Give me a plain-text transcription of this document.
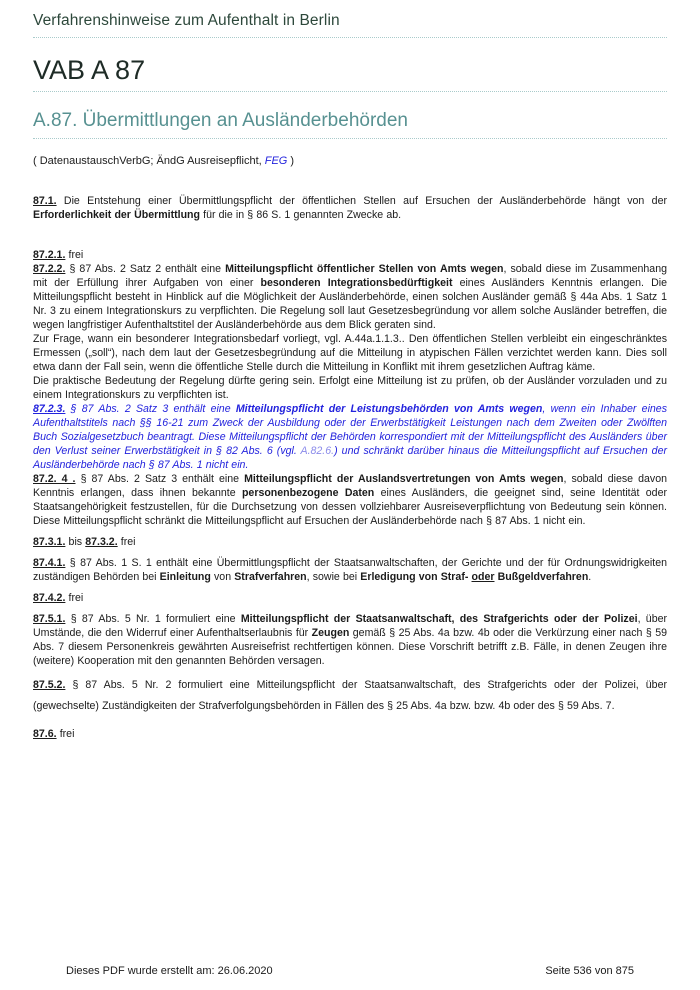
Verfahrenshinweise zum Aufenthalt in Berlin
VAB A 87
A.87. Übermittlungen an Ausländerbehörden
( DatenaustauschVerbG; ÄndG Ausreisepflicht, FEG )

87.1. Die Entstehung einer Übermittlungspflicht der öffentlichen Stellen auf Ersuchen der Ausländerbehörde hängt von der Erforderlichkeit der Übermittlung für die in § 86 S. 1 genannten Zwecke ab.

87.2.1. frei

87.2.2. § 87 Abs. 2 Satz 2 enthält eine Mitteilungspflicht öffentlicher Stellen von Amts wegen, sobald diese im Zusammenhang mit der Erfüllung ihrer Aufgaben von einer besonderen Integrationsbedürftigkeit eines Ausländers Kenntnis erlangen. Die Mitteilungspflicht besteht in Hinblick auf die Möglichkeit der Ausländerbehörde, einen solchen Ausländer gemäß § 44a Abs. 1 Satz 1 Nr. 3 zu einem Integrationskurs zu verpflichten. Die Regelung soll laut Gesetzesbegründung vor allem solche Ausländer betreffen, die wegen langfristiger Aufenthaltstitel der Ausländerbehörde aus dem Blick geraten sind.

Zur Frage, wann ein besonderer Integrationsbedarf vorliegt, vgl. A.44a.1.1.3.. Den öffentlichen Stellen verbleibt ein eingeschränktes Ermessen („soll“), nach dem laut der Gesetzesbegründung auf die Mitteilung in atypischen Fällen verzichtet werden kann. Dies soll etwa dann der Fall sein, wenn die öffentliche Stelle durch die Mitteilung in Konflikt mit ihrem gesetzlichen Auftrag käme.

Die praktische Bedeutung der Regelung dürfte gering sein. Erfolgt eine Mitteilung ist zu prüfen, ob der Ausländer vorzuladen und zu einem Integrationskurs zu verpflichten ist.

87.2.3. § 87 Abs. 2 Satz 3 enthält eine Mitteilungspflicht der Leistungsbehörden von Amts wegen, wenn ein Inhaber eines Aufenthaltstitels nach §§ 16-21 zum Zweck der Ausbildung oder der Erwerbstätigkeit Leistungen nach dem Zweiten oder Zwölften Buch Sozialgesetzbuch beantragt. Diese Mitteilungspflicht der Behörden korrespondiert mit der Mitteilungspflicht des Ausländers über den Verlust seiner Erwerbstätigkeit in § 82 Abs. 6 (vgl. A.82.6.) und schränkt darüber hinaus die Mitteilungspflicht auf Ersuchen der Ausländerbehörde nach § 87 Abs. 1 nicht ein.

87.2. 4 . § 87 Abs. 2 Satz 3 enthält eine Mitteilungspflicht der Auslandsvertretungen von Amts wegen, sobald diese davon Kenntnis erlangen, dass ihnen bekannte personenbezogene Daten eines Ausländers, die geeignet sind, seine Identität oder Staatsangehörigkeit festzustellen, für die Durchsetzung von dessen vollziehbarer Ausreiseverpflichtung von Bedeutung sein können. Diese Mitteilungspflicht schränkt die Mitteilungspflicht auf Ersuchen der Ausländerbehörde nach § 87 Abs. 1 nicht ein.

87.3.1. bis 87.3.2. frei

87.4.1. § 87 Abs. 1 S. 1 enthält eine Übermittlungspflicht der Staatsanwaltschaften, der Gerichte und der für Ordnungswidrigkeiten zuständigen Behörden bei Einleitung von Strafverfahren, sowie bei Erledigung von Straf- oder Bußgeldverfahren.

87.4.2. frei

87.5.1. § 87 Abs. 5 Nr. 1 formuliert eine Mitteilungspflicht der Staatsanwaltschaft, des Strafgerichts oder der Polizei, über Umstände, die den Widerruf einer Aufenthaltserlaubnis für Zeugen gemäß § 25 Abs. 4a bzw. 4b oder die Verkürzung einer nach § 59 Abs. 7 diesem Personenkreis gewährten Ausreisefrist rechtfertigen können. Diese Vorschrift betrifft z.B. Fälle, in denen Zeugen ihre (weitere) Kooperation mit den genannten Behörden versagen.

87.5.2. § 87 Abs. 5 Nr. 2 formuliert eine Mitteilungspflicht der Staatsanwaltschaft, des Strafgerichts oder der Polizei, über (gewechselte) Zuständigkeiten der Strafverfolgungsbehörden in Fällen des § 25 Abs. 4a bzw. bzw. 4b oder des § 59 Abs. 7.

87.6. frei

Dieses PDF wurde erstellt am: 26.06.2020	Seite 536 von 875
